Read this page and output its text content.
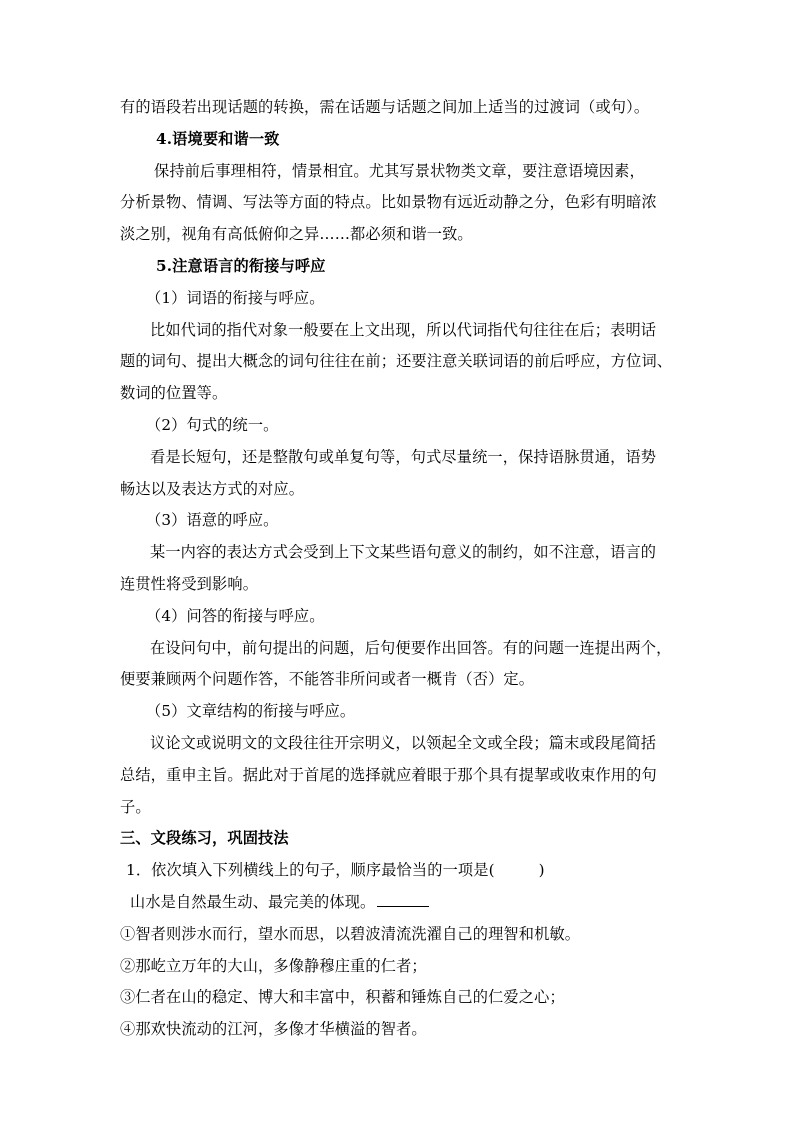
有的语段若出现话题的转换，需在话题与话题之间加上适当的过渡词（或句）。
4.语境要和谐一致
保持前后事理相符，情景相宜。尤其写景状物类文章，要注意语境因素，
分析景物、情调、写法等方面的特点。比如景物有远近动静之分，色彩有明暗浓
淡之别，视角有高低俯仰之异……都必须和谐一致。
5.注意语言的衔接与呼应
（1）词语的衔接与呼应。
比如代词的指代对象一般要在上文出现，所以代词指代句往往在后；表明话
题的词句、提出大概念的词句往往在前；还要注意关联词语的前后呼应，方位词、
数词的位置等。
（2）句式的统一。
看是长短句，还是整散句或单复句等，句式尽量统一，保持语脉贯通，语势
畅达以及表达方式的对应。
（3）语意的呼应。
某一内容的表达方式会受到上下文某些语句意义的制约，如不注意，语言的
连贯性将受到影响。
（4）问答的衔接与呼应。
在设问句中，前句提出的问题，后句便要作出回答。有的问题一连提出两个，
便要兼顾两个问题作答，不能答非所问或者一概肯（否）定。
（5）文章结构的衔接与呼应。
议论文或说明文的文段往往开宗明义，以领起全文或全段；篇末或段尾简括
总结，重申主旨。据此对于首尾的选择就应着眼于那个具有提挈或收束作用的句
子。
三、文段练习，巩固技法
1．依次填入下列横线上的句子，顺序最恰当的一项是(	)
山水是自然最生动、最完美的体现。
①智者则涉水而行，望水而思，以碧波清流洗濯自己的理智和机敏。
②那屹立万年的大山，多像静穆庄重的仁者；
③仁者在山的稳定、博大和丰富中，积蓄和锤炼自己的仁爱之心；
④那欢快流动的江河，多像才华横溢的智者。
